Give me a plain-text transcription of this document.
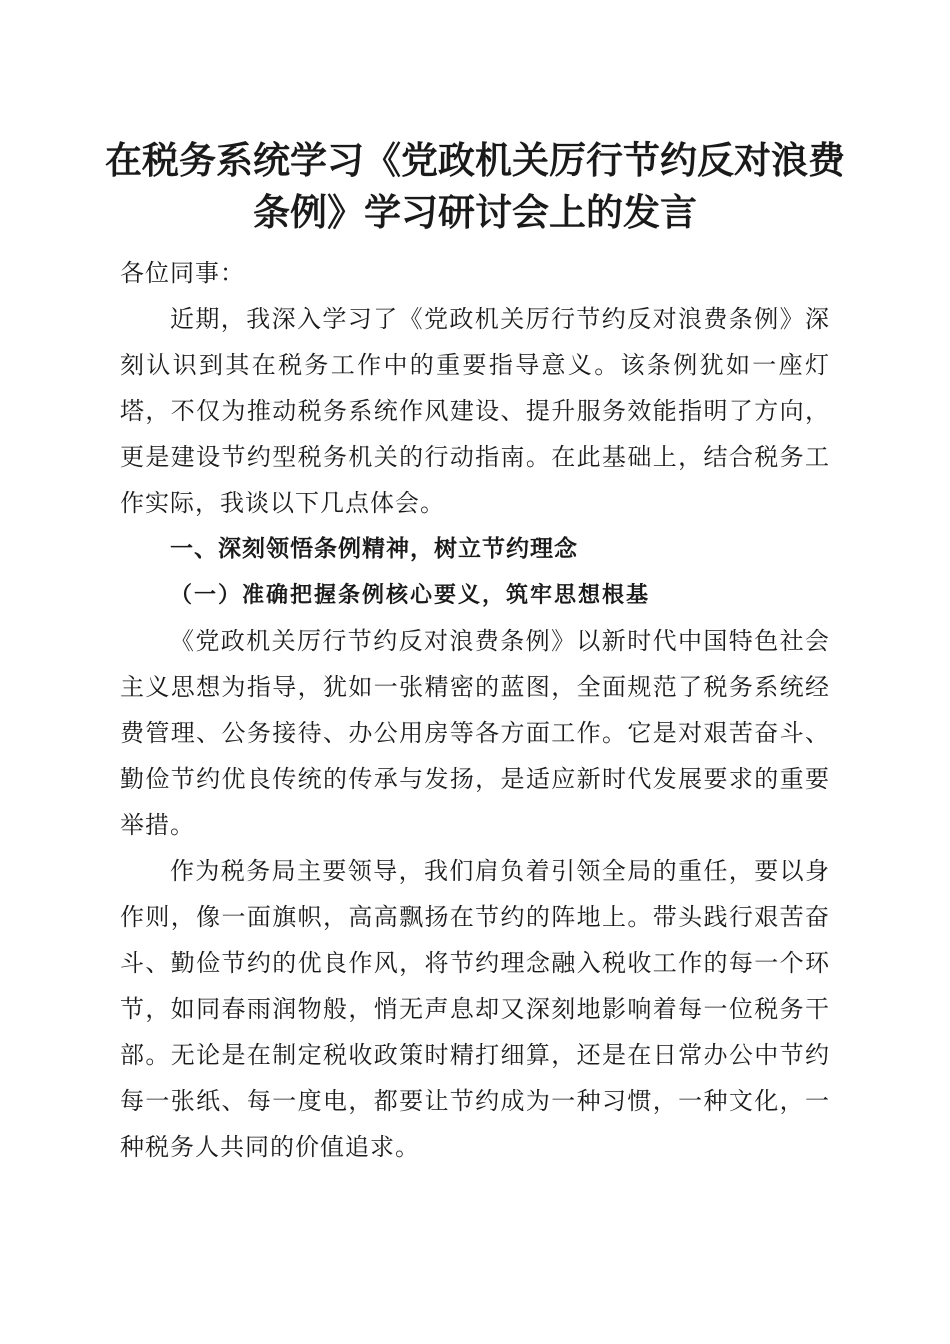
在税务系统学习《党政机关厉行节约反对浪费
条例》学习研讨会上的发言

各位同事：

近期，我深入学习了《党政机关厉行节约反对浪费条例》深刻认识到其在税务工作中的重要指导意义。该条例犹如一座灯塔，不仅为推动税务系统作风建设、提升服务效能指明了方向，更是建设节约型税务机关的行动指南。在此基础上，结合税务工作实际，我谈以下几点体会。

一、深刻领悟条例精神，树立节约理念

（一）准确把握条例核心要义，筑牢思想根基

《党政机关厉行节约反对浪费条例》以新时代中国特色社会主义思想为指导，犹如一张精密的蓝图，全面规范了税务系统经费管理、公务接待、办公用房等各方面工作。它是对艰苦奋斗、勤俭节约优良传统的传承与发扬，是适应新时代发展要求的重要举措。

作为税务局主要领导，我们肩负着引领全局的重任，要以身作则，像一面旗帜，高高飘扬在节约的阵地上。带头践行艰苦奋斗、勤俭节约的优良作风，将节约理念融入税收工作的每一个环节，如同春雨润物般，悄无声息却又深刻地影响着每一位税务干部。无论是在制定税收政策时精打细算，还是在日常办公中节约每一张纸、每一度电，都要让节约成为一种习惯，一种文化，一种税务人共同的价值追求。
